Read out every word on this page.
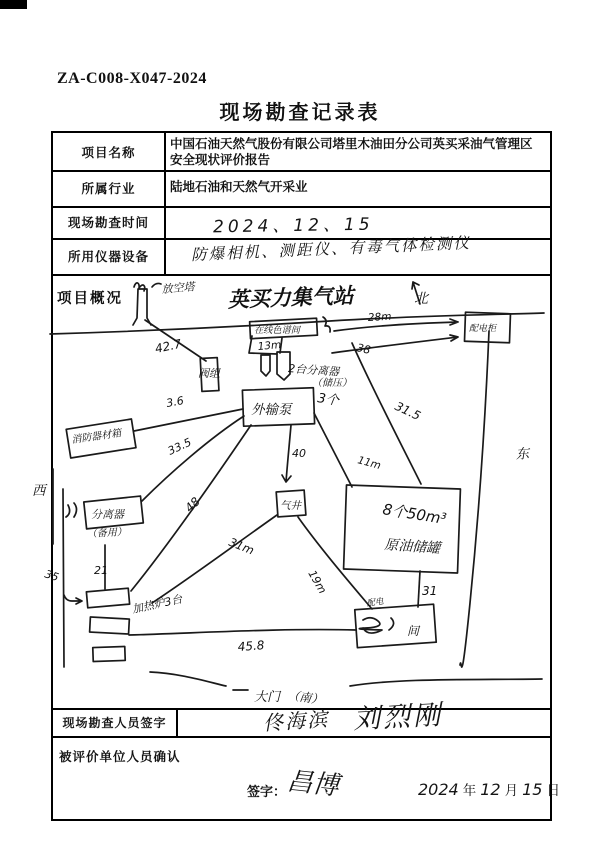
ZA-C008-X047-2024
现场勘查记录表
项目名称
中国石油天然气股份有限公司塔里木油田分公司英买采油气管理区安全现状评价报告
所属行业	陆地石油和天然气开采业
现场勘查时间	2024、12、15
所用仪器设备	防爆相机、测距仪、有毒气体检测仪
现场勘查人员签字	佟海滨 刘烈刚
被评价单位人员确认
签字： 昌博	2024 年 12 月 15 日
项目概况	英买力集气站	北
西
东
大门 （南）
放空塔
42.7
阀组
在线色谱间
13m
2台分离器
（储压）
28m
配电柜
38
31.5
外输泵
3个
3.6
33.5
48
40
11m
消防器材箱
分离器
（备用）
气井
31m
19m
8个50m³
原油储罐
31
配电
间
45.8
加热炉3台
21
35
